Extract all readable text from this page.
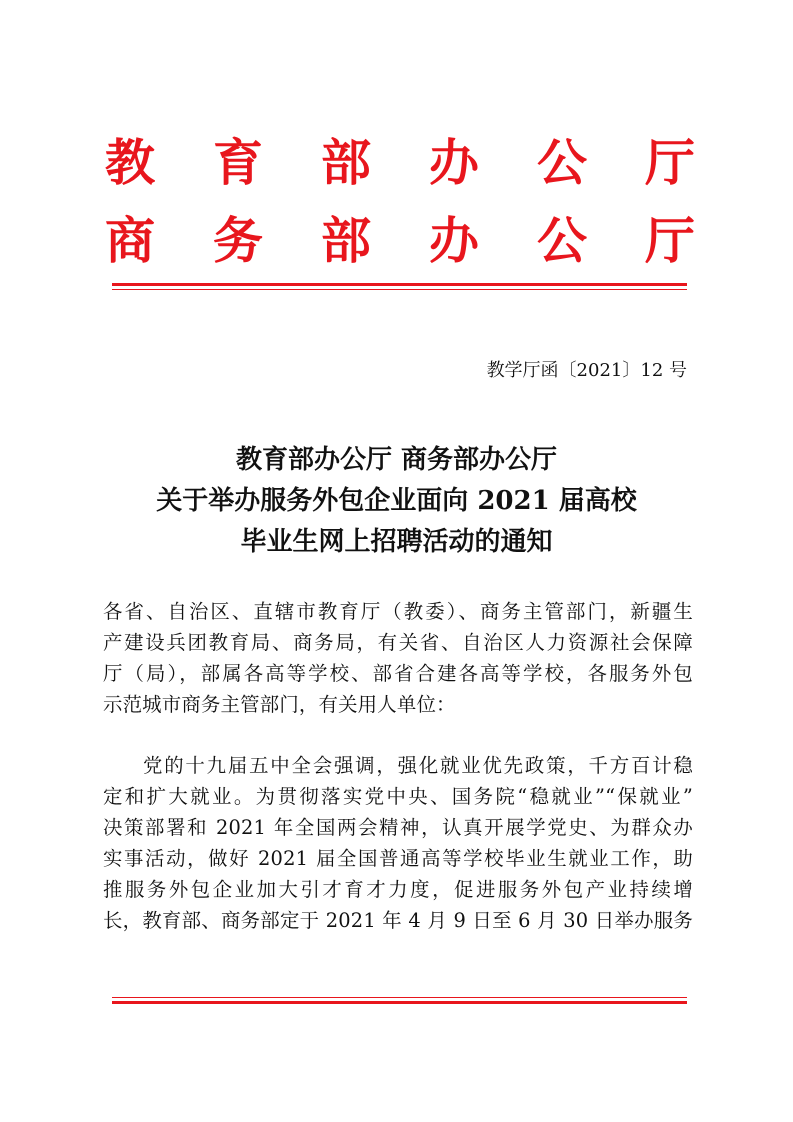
教 育 部 办 公 厅
商 务 部 办 公 厅
教学厅函〔2021〕12 号
教育部办公厅 商务部办公厅
关于举办服务外包企业面向 2021 届高校
毕业生网上招聘活动的通知
各省、自治区、直辖市教育厅（教委）、商务主管部门，新疆生
产建设兵团教育局、商务局，有关省、自治区人力资源社会保障
厅（局），部属各高等学校、部省合建各高等学校，各服务外包
示范城市商务主管部门，有关用人单位：
党的十九届五中全会强调，强化就业优先政策，千方百计稳
定和扩大就业。为贯彻落实党中央、国务院“稳就业”“保就业”
决策部署和 2021 年全国两会精神，认真开展学党史、为群众办
实事活动，做好 2021 届全国普通高等学校毕业生就业工作，助
推服务外包企业加大引才育才力度，促进服务外包产业持续增
长，教育部、商务部定于 2021 年 4 月 9 日至 6 月 30 日举办服务
